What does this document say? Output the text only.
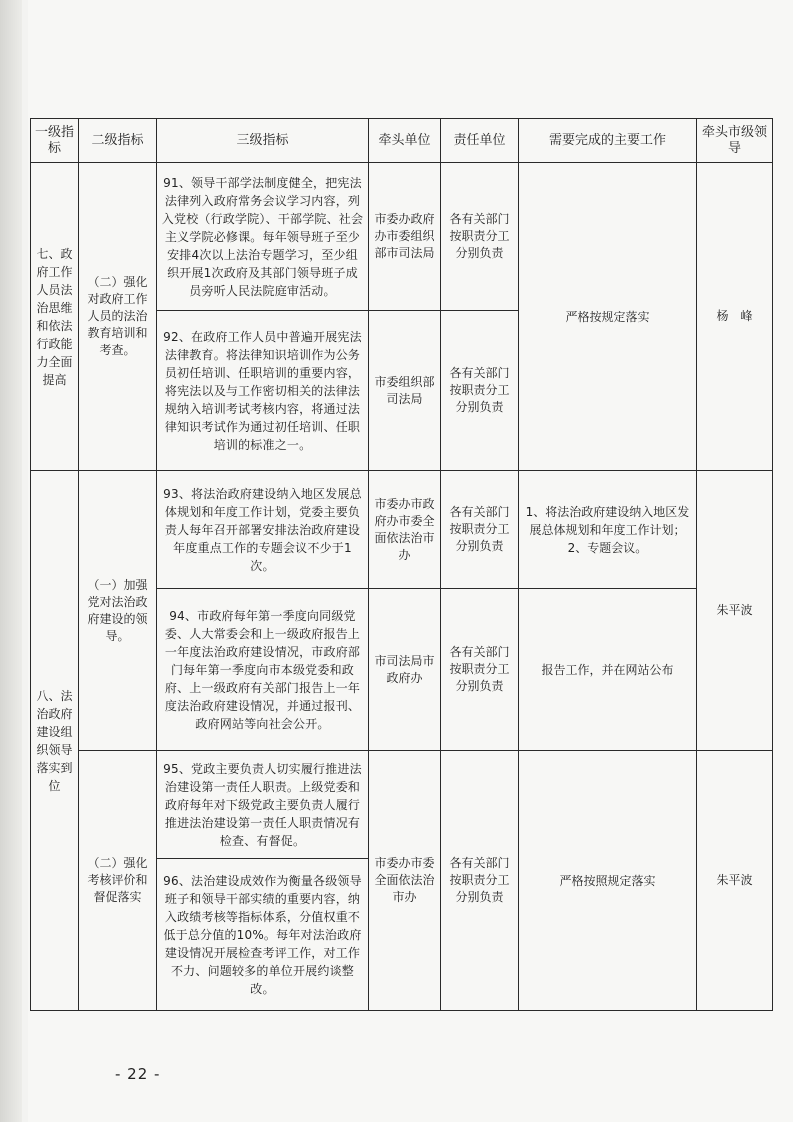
一级指标	二级指标	三级指标	牵头单位	责任单位	需要完成的主要工作	牵头市级领导
七、政府工作人员法治思维和依法行政能力全面提高	（二）强化对政府工作人员的法治教育培训和考查。	91、领导干部学法制度健全，把宪法法律列入政府常务会议学习内容，列入党校（行政学院）、干部学院、社会主义学院必修课。每年领导班子至少安排4次以上法治专题学习，至少组织开展1次政府及其部门领导班子成员旁听人民法院庭审活动。	市委办政府办市委组织部市司法局	各有关部门按职责分工分别负责	严格按规定落实	杨　峰
		92、在政府工作人员中普遍开展宪法法律教育。将法律知识培训作为公务员初任培训、任职培训的重要内容，将宪法以及与工作密切相关的法律法规纳入培训考试考核内容，将通过法律知识考试作为通过初任培训、任职培训的标准之一。	市委组织部司法局	各有关部门按职责分工分别负责		
八、法治政府建设组织领导落实到位	（一）加强党对法治政府建设的领导。	93、将法治政府建设纳入地区发展总体规划和年度工作计划，党委主要负责人每年召开部署安排法治政府建设年度重点工作的专题会议不少于1次。	市委办市政府办市委全面依法治市办	各有关部门按职责分工分别负责	1、将法治政府建设纳入地区发展总体规划和年度工作计划；2、专题会议。	朱平波
		94、市政府每年第一季度向同级党委、人大常委会和上一级政府报告上一年度法治政府建设情况，市政府部门每年第一季度向市本级党委和政府、上一级政府有关部门报告上一年度法治政府建设情况，并通过报刊、政府网站等向社会公开。	市司法局市政府办	各有关部门按职责分工分别负责	报告工作，并在网站公布	
	（二）强化考核评价和督促落实	95、党政主要负责人切实履行推进法治建设第一责任人职责。上级党委和政府每年对下级党政主要负责人履行推进法治建设第一责任人职责情况有检查、有督促。	市委办市委全面依法治市办	各有关部门按职责分工分别负责	严格按照规定落实	朱平波
		96、法治建设成效作为衡量各级领导班子和领导干部实绩的重要内容，纳入政绩考核等指标体系，分值权重不低于总分值的10%。每年对法治政府建设情况开展检查考评工作，对工作不力、问题较多的单位开展约谈整改。				
- 22 -
